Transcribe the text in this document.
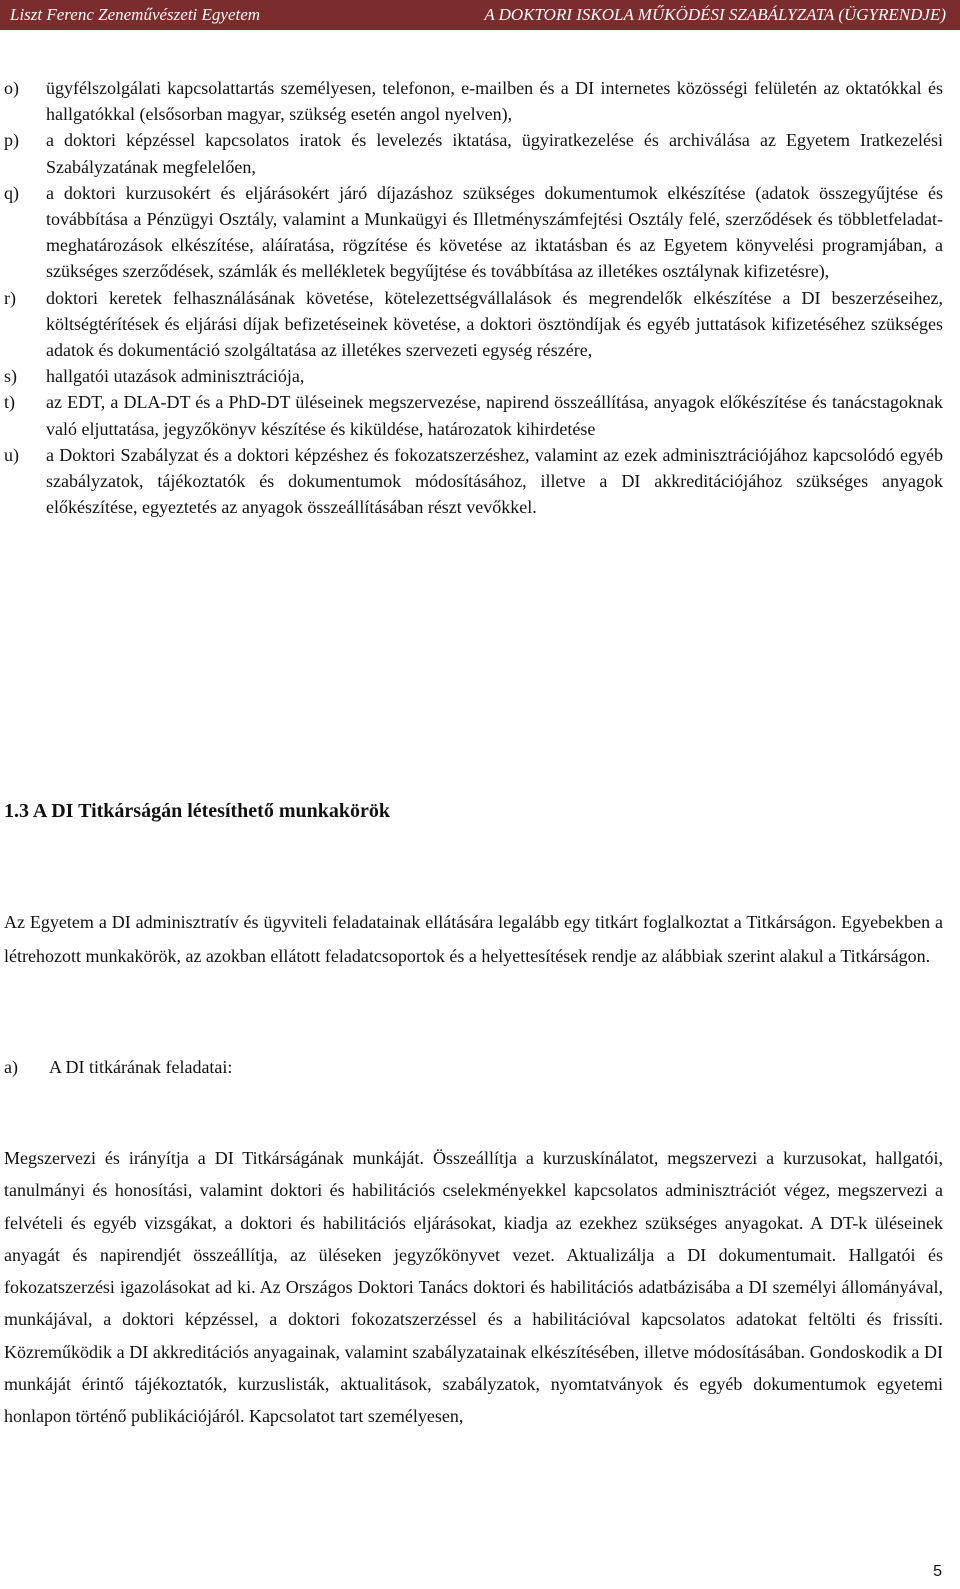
Liszt Ferenc Zeneművészeti Egyetem	A DOKTORI ISKOLA MŰKÖDÉSI SZABÁLYZATA (ÜGYRENDJE)
o) ügyfélszolgálati kapcsolattartás személyesen, telefonon, e-mailben és a DI internetes közösségi felületén az oktatókkal és hallgatókkal (elsősorban magyar, szükség esetén angol nyelven),
p) a doktori képzéssel kapcsolatos iratok és levelezés iktatása, ügyiratkezelése és archiválása az Egyetem Iratkezelési Szabályzatának megfelelően,
q) a doktori kurzusokért és eljárásokért járó díjazáshoz szükséges dokumentumok elkészítése (adatok összegyűjtése és továbbítása a Pénzügyi Osztály, valamint a Munkaügyi és Illetményszámfejtési Osztály felé, szerződések és többletfeladat-meghatározások elkészítése, aláíratása, rögzítése és követése az iktatásban és az Egyetem könyvelési programjában, a szükséges szerződések, számlák és mellékletek begyűjtése és továbbítása az illetékes osztálynak kifizetésre),
r) doktori keretek felhasználásának követése, kötelezettségvállalások és megrendelők elkészítése a DI beszerzéseihez, költségtérítések és eljárási díjak befizetéseinek követése, a doktori ösztöndíjak és egyéb juttatások kifizetéséhez szükséges adatok és dokumentáció szolgáltatása az illetékes szervezeti egység részére,
s) hallgatói utazások adminisztrációja,
t) az EDT, a DLA-DT és a PhD-DT üléseinek megszervezése, napirend összeállítása, anyagok előkészítése és tanácstagoknak való eljuttatása, jegyzőkönyv készítése és kiküldése, határozatok kihirdetése
u) a Doktori Szabályzat és a doktori képzéshez és fokozatszerzéshez, valamint az ezek adminisztrációjához kapcsolódó egyéb szabályzatok, tájékoztatók és dokumentumok módosításához, illetve a DI akkreditációjához szükséges anyagok előkészítése, egyeztetés az anyagok összeállításában részt vevőkkel.
1.3 A DI Titkárságán létesíthető munkakörök

Az Egyetem a DI adminisztratív és ügyviteli feladatainak ellátására legalább egy titkárt foglalkoztat a Titkárságon. Egyebekben a létrehozott munkakörök, az azokban ellátott feladatcsoportok és a helyettesítések rendje az alábbiak szerint alakul a Titkárságon.

a) A DI titkárának feladatai:

Megszervezi és irányítja a DI Titkárságának munkáját. Összeállítja a kurzuskínálatot, megszervezi a kurzusokat, hallgatói, tanulmányi és honosítási, valamint doktori és habilitációs cselekményekkel kapcsolatos adminisztrációt végez, megszervezi a felvételi és egyéb vizsgákat, a doktori és habilitációs eljárásokat, kiadja az ezekhez szükséges anyagokat. A DT-k üléseinek anyagát és napirendjét összeállítja, az üléseken jegyzőkönyvet vezet. Aktualizálja a DI dokumentumait. Hallgatói és fokozatszerzési igazolásokat ad ki. Az Országos Doktori Tanács doktori és habilitációs adatbázisába a DI személyi állományával, munkájával, a doktori képzéssel, a doktori fokozatszerzéssel és a habilitációval kapcsolatos adatokat feltölti és frissíti. Közreműködik a DI akkreditációs anyagainak, valamint szabályzatainak elkészítésében, illetve módosításában. Gondoskodik a DI munkáját érintő tájékoztatók, kurzuslisták, aktualitások, szabályzatok, nyomtatványok és egyéb dokumentumok egyetemi honlapon történő publikációjáról. Kapcsolatot tart személyesen,

5
